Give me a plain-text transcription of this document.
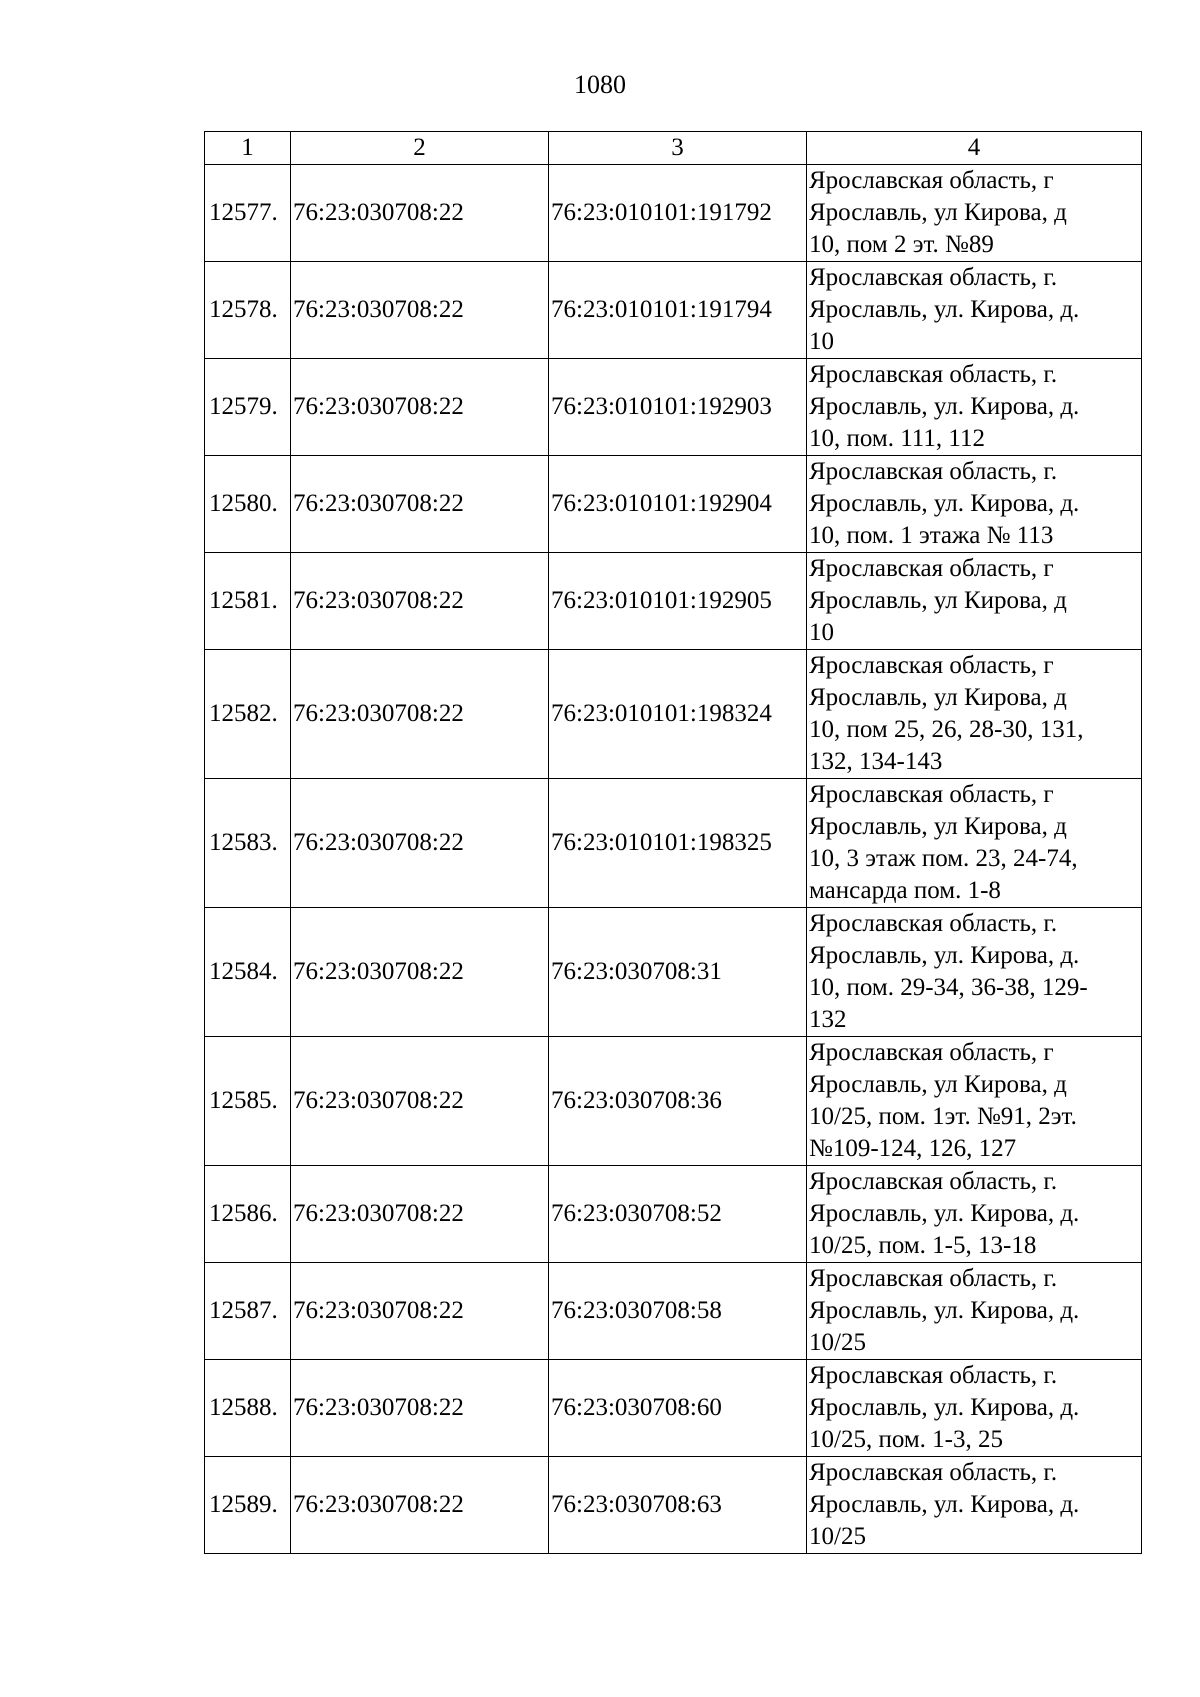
1080
1	2	3	4
12577.	76:23:030708:22	76:23:010101:191792	Ярославская область, г
Ярославль, ул Кирова, д
10, пом 2 эт. №89

12578.	76:23:030708:22	76:23:010101:191794	Ярославская область, г.
Ярославль, ул. Кирова, д.
10

12579.	76:23:030708:22	76:23:010101:192903	Ярославская область, г.
Ярославль, ул. Кирова, д.
10, пом. 111, 112

12580.	76:23:030708:22	76:23:010101:192904	Ярославская область, г.
Ярославль, ул. Кирова, д.
10, пом. 1 этажа № 113

12581.	76:23:030708:22	76:23:010101:192905	Ярославская область, г
Ярославль, ул Кирова, д
10

12582.	76:23:030708:22	76:23:010101:198324	Ярославская область, г
Ярославль, ул Кирова, д
10, пом 25, 26, 28-30, 131,
132, 134-143

12583.	76:23:030708:22	76:23:010101:198325	Ярославская область, г
Ярославль, ул Кирова, д
10, 3 этаж пом. 23, 24-74,
мансарда пом. 1-8

12584.	76:23:030708:22	76:23:030708:31	Ярославская область, г.
Ярославль, ул. Кирова, д.
10, пом. 29-34, 36-38, 129-
132

12585.	76:23:030708:22	76:23:030708:36	Ярославская область, г
Ярославль, ул Кирова, д
10/25, пом. 1эт. №91, 2эт.
№109-124, 126, 127

12586.	76:23:030708:22	76:23:030708:52	Ярославская область, г.
Ярославль, ул. Кирова, д.
10/25, пом. 1-5, 13-18

12587.	76:23:030708:22	76:23:030708:58	Ярославская область, г.
Ярославль, ул. Кирова, д.
10/25

12588.	76:23:030708:22	76:23:030708:60	Ярославская область, г.
Ярославль, ул. Кирова, д.
10/25, пом. 1-3, 25

12589.	76:23:030708:22	76:23:030708:63	Ярославская область, г.
Ярославль, ул. Кирова, д.
10/25
